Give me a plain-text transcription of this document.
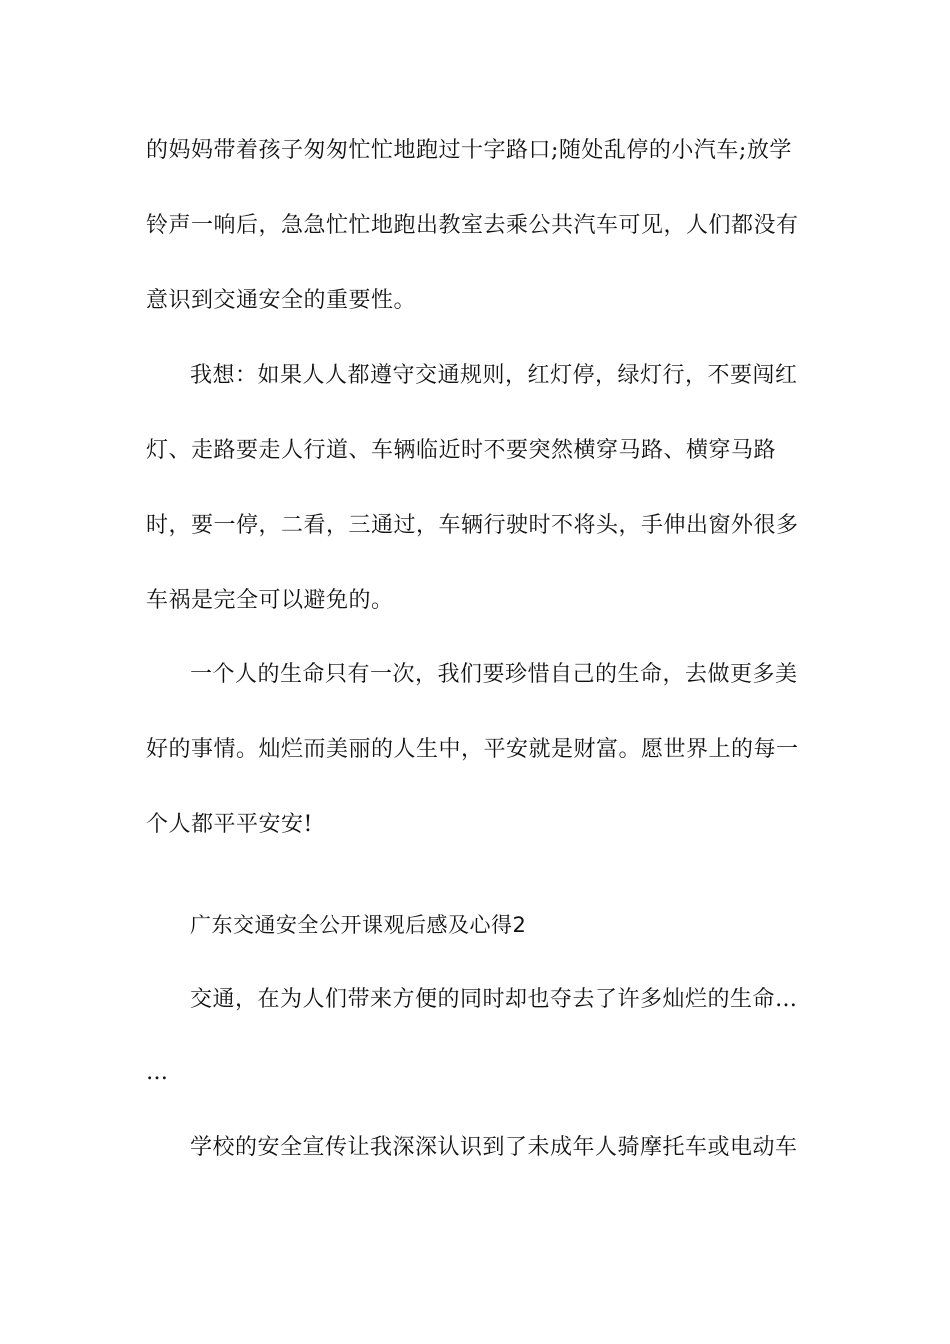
的妈妈带着孩子匆匆忙忙地跑过十字路口;随处乱停的小汽车;放学
铃声一响后，急急忙忙地跑出教室去乘公共汽车可见，人们都没有
意识到交通安全的重要性。
我想：如果人人都遵守交通规则，红灯停，绿灯行，不要闯红
灯、走路要走人行道、车辆临近时不要突然横穿马路、横穿马路
时，要一停，二看，三通过，车辆行驶时不将头，手伸出窗外很多
车祸是完全可以避免的。
一个人的生命只有一次，我们要珍惜自己的生命，去做更多美
好的事情。灿烂而美丽的人生中，平安就是财富。愿世界上的每一
个人都平平安安!
广东交通安全公开课观后感及心得2
交通，在为人们带来方便的同时却也夺去了许多灿烂的生命…
…
学校的安全宣传让我深深认识到了未成年人骑摩托车或电动车
